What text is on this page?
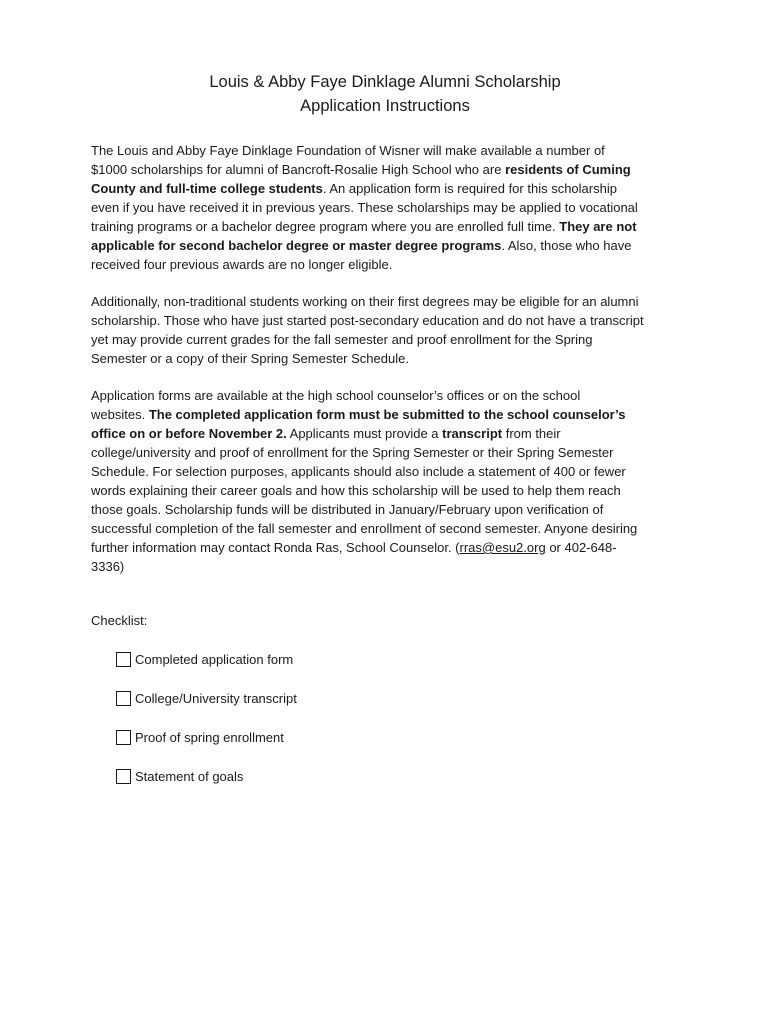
Louis & Abby Faye Dinklage Alumni Scholarship
Application Instructions
The Louis and Abby Faye Dinklage Foundation of Wisner will make available a number of
$1000 scholarships for alumni of Bancroft-Rosalie High School who are residents of Cuming
County and full-time college students. An application form is required for this scholarship
even if you have received it in previous years. These scholarships may be applied to vocational
training programs or a bachelor degree program where you are enrolled full time. They are not
applicable for second bachelor degree or master degree programs. Also, those who have
received four previous awards are no longer eligible.
Additionally, non-traditional students working on their first degrees may be eligible for an alumni
scholarship. Those who have just started post-secondary education and do not have a transcript
yet may provide current grades for the fall semester and proof enrollment for the Spring
Semester or a copy of their Spring Semester Schedule.
Application forms are available at the high school counselor’s offices or on the school
websites. The completed application form must be submitted to the school counselor’s
office on or before November 2. Applicants must provide a transcript from their
college/university and proof of enrollment for the Spring Semester or their Spring Semester
Schedule. For selection purposes, applicants should also include a statement of 400 or fewer
words explaining their career goals and how this scholarship will be used to help them reach
those goals. Scholarship funds will be distributed in January/February upon verification of
successful completion of the fall semester and enrollment of second semester. Anyone desiring
further information may contact Ronda Ras, School Counselor. (rras@esu2.org or 402-648-
3336)
Checklist:
Completed application form
College/University transcript
Proof of spring enrollment
Statement of goals
